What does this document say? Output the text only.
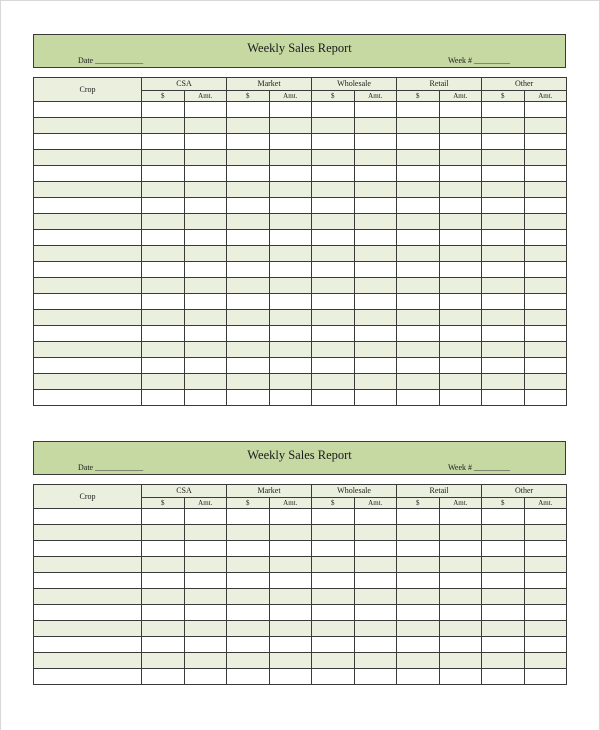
Weekly Sales Report
Date ____________	Week # _________
Crop	CSA		Market		Wholesale		Retail		Other	
	$	Amt.	$	Amt.	$	Amt.	$	Amt.	$	Amt.

Weekly Sales Report
Date ____________	Week # _________
Crop	CSA		Market		Wholesale		Retail		Other	
	$	Amt.	$	Amt.	$	Amt.	$	Amt.	$	Amt.
